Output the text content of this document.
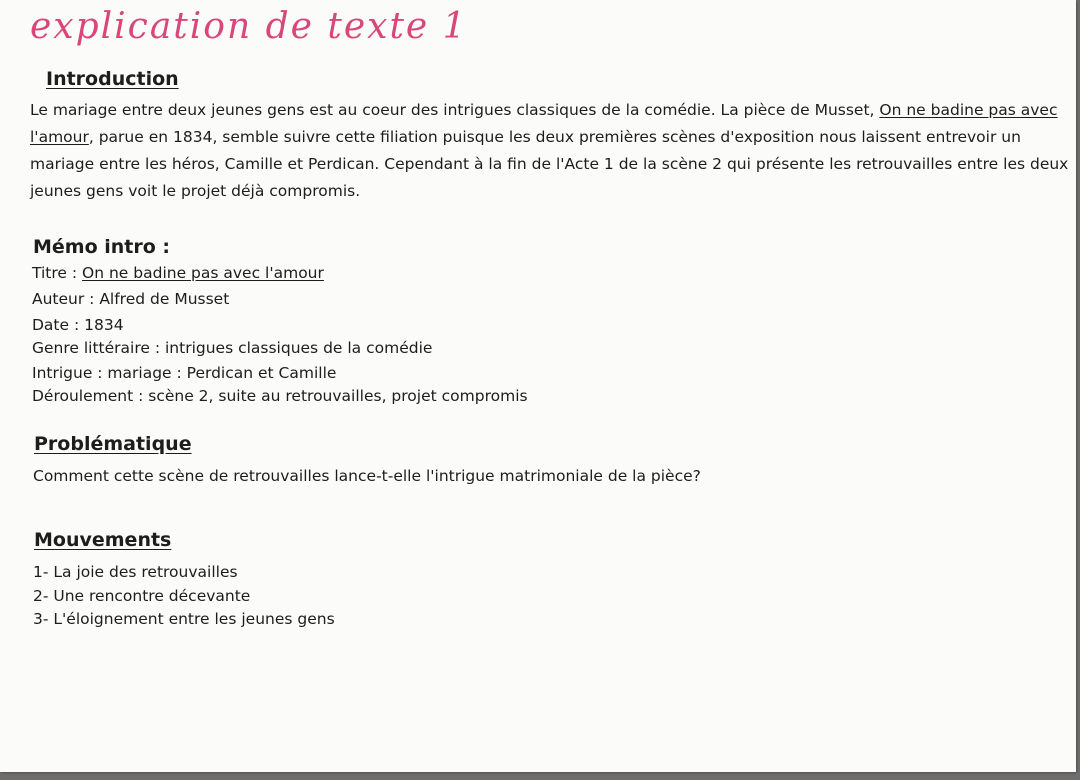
explication de texte 1
Introduction
Le mariage entre deux jeunes gens est au coeur des intrigues classiques de la comédie. La pièce de Musset, On ne badine pas avec l'amour, parue en 1834, semble suivre cette filiation puisque les deux premières scènes d'exposition nous laissent entrevoir un mariage entre les héros, Camille et Perdican. Cependant à la fin de l'Acte 1 de la scène 2 qui présente les retrouvailles entre les deux jeunes gens voit le projet déjà compromis.
Mémo intro :
Titre : On ne badine pas avec l'amour
Auteur : Alfred de Musset
Date : 1834
Genre littéraire : intrigues classiques de la comédie
Intrigue : mariage : Perdican et Camille
Déroulement : scène 2, suite au retrouvailles, projet compromis
Problématique
Comment cette scène de retrouvailles lance-t-elle l'intrigue matrimoniale de la pièce?
Mouvements
1- La joie des retrouvailles
2- Une rencontre décevante
3- L'éloignement entre les jeunes gens
